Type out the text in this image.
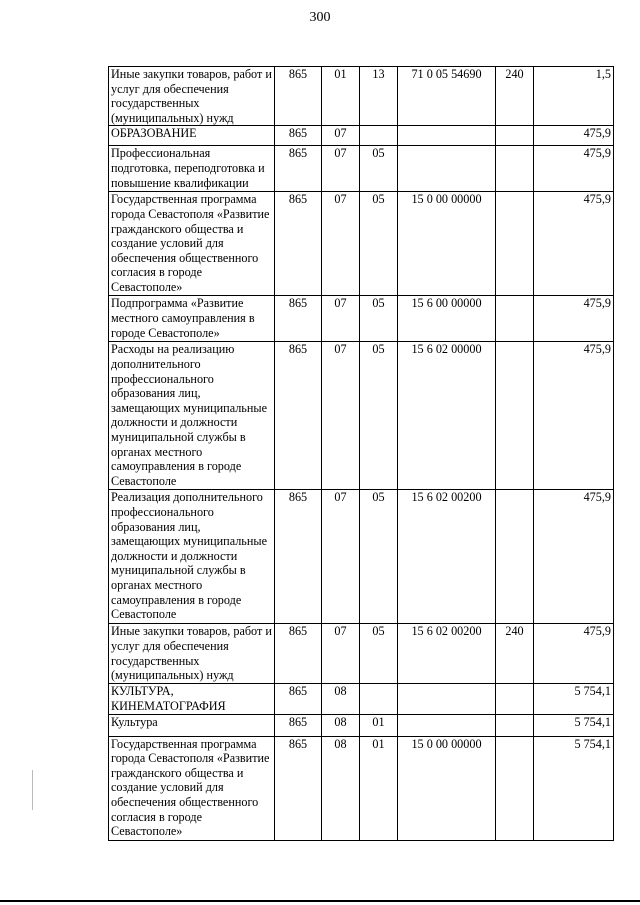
300
Иные закупки товаров, работ и услуг для обеспечения государственных (муниципальных) нужд	865	01	13	71 0 05 54690	240	1,5
ОБРАЗОВАНИЕ	865	07				475,9
Профессиональная подготовка, переподготовка и повышение квалификации	865	07	05			475,9
Государственная программа города Севастополя «Развитие гражданского общества и создание условий для обеспечения общественного согласия в городе Севастополе»	865	07	05	15 0 00 00000		475,9
Подпрограмма «Развитие местного самоуправления в городе Севастополе»	865	07	05	15 6 00 00000		475,9
Расходы на реализацию дополнительного профессионального образования лиц, замещающих муниципальные должности и должности муниципальной службы в органах местного самоуправления в городе Севастополе	865	07	05	15 6 02 00000		475,9
Реализация дополнительного профессионального образования лиц, замещающих муниципальные должности и должности муниципальной службы в органах местного самоуправления в городе Севастополе	865	07	05	15 6 02 00200		475,9
Иные закупки товаров, работ и услуг для обеспечения государственных (муниципальных) нужд	865	07	05	15 6 02 00200	240	475,9
КУЛЬТУРА, КИНЕМАТОГРАФИЯ	865	08				5 754,1
Культура	865	08	01			5 754,1
Государственная программа города Севастополя «Развитие гражданского общества и создание условий для обеспечения общественного согласия в городе Севастополе»	865	08	01	15 0 00 00000		5 754,1
